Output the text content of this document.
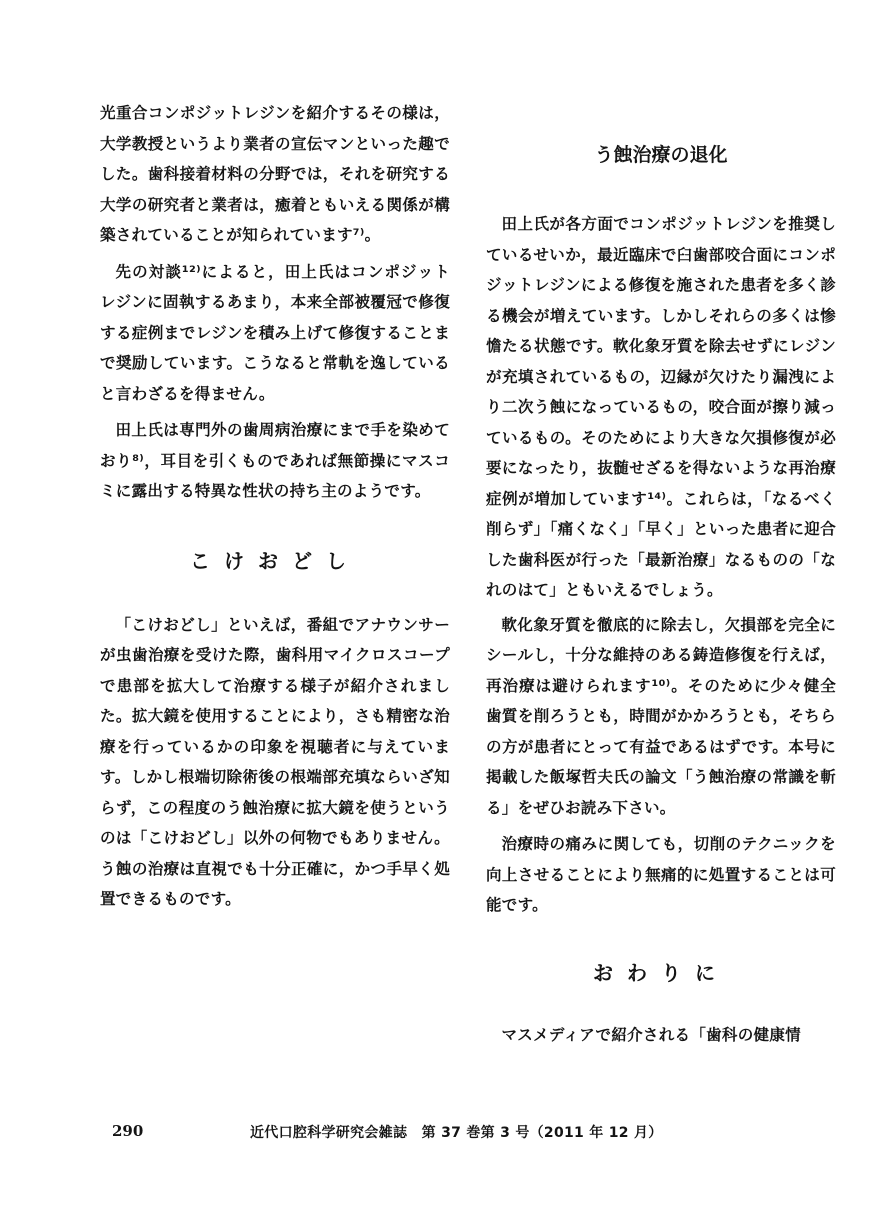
光重合コンポジットレジンを紹介するその様は，大学教授というより業者の宣伝マンといった趣でした。歯科接着材料の分野では，それを研究する大学の研究者と業者は，癒着ともいえる関係が構築されていることが知られています⁷⁾。

先の対談¹²⁾によると，田上氏はコンポジットレジンに固執するあまり，本来全部被覆冠で修復する症例までレジンを積み上げて修復することまで奨励しています。こうなると常軌を逸していると言わざるを得ません。

田上氏は専門外の歯周病治療にまで手を染めており⁸⁾，耳目を引くものであれば無節操にマスコミに露出する特異な性状の持ち主のようです。

こけおどし

「こけおどし」といえば，番組でアナウンサーが虫歯治療を受けた際，歯科用マイクロスコープで患部を拡大して治療する様子が紹介されました。拡大鏡を使用することにより，さも精密な治療を行っているかの印象を視聴者に与えています。しかし根端切除術後の根端部充填ならいざ知らず，この程度のう蝕治療に拡大鏡を使うというのは「こけおどし」以外の何物でもありません。う蝕の治療は直視でも十分正確に，かつ手早く処置できるものです。

う蝕治療の退化

田上氏が各方面でコンポジットレジンを推奨しているせいか，最近臨床で臼歯部咬合面にコンポジットレジンによる修復を施された患者を多く診る機会が増えています。しかしそれらの多くは惨憺たる状態です。軟化象牙質を除去せずにレジンが充填されているもの，辺縁が欠けたり漏洩により二次う蝕になっているもの，咬合面が擦り減っているもの。そのためにより大きな欠損修復が必要になったり，抜髄せざるを得ないような再治療症例が増加しています¹⁴⁾。これらは，「なるべく削らず」「痛くなく」「早く」といった患者に迎合した歯科医が行った「最新治療」なるものの「なれのはて」ともいえるでしょう。

軟化象牙質を徹底的に除去し，欠損部を完全にシールし，十分な維持のある鋳造修復を行えば，再治療は避けられます¹⁰⁾。そのために少々健全歯質を削ろうとも，時間がかかろうとも，そちらの方が患者にとって有益であるはずです。本号に掲載した飯塚哲夫氏の論文「う蝕治療の常識を斬る」をぜひお読み下さい。

治療時の痛みに関しても，切削のテクニックを向上させることにより無痛的に処置することは可能です。

おわりに

マスメディアで紹介される「歯科の健康情

290	近代口腔科学研究会雑誌　第 37 巻第 3 号（2011 年 12 月）
